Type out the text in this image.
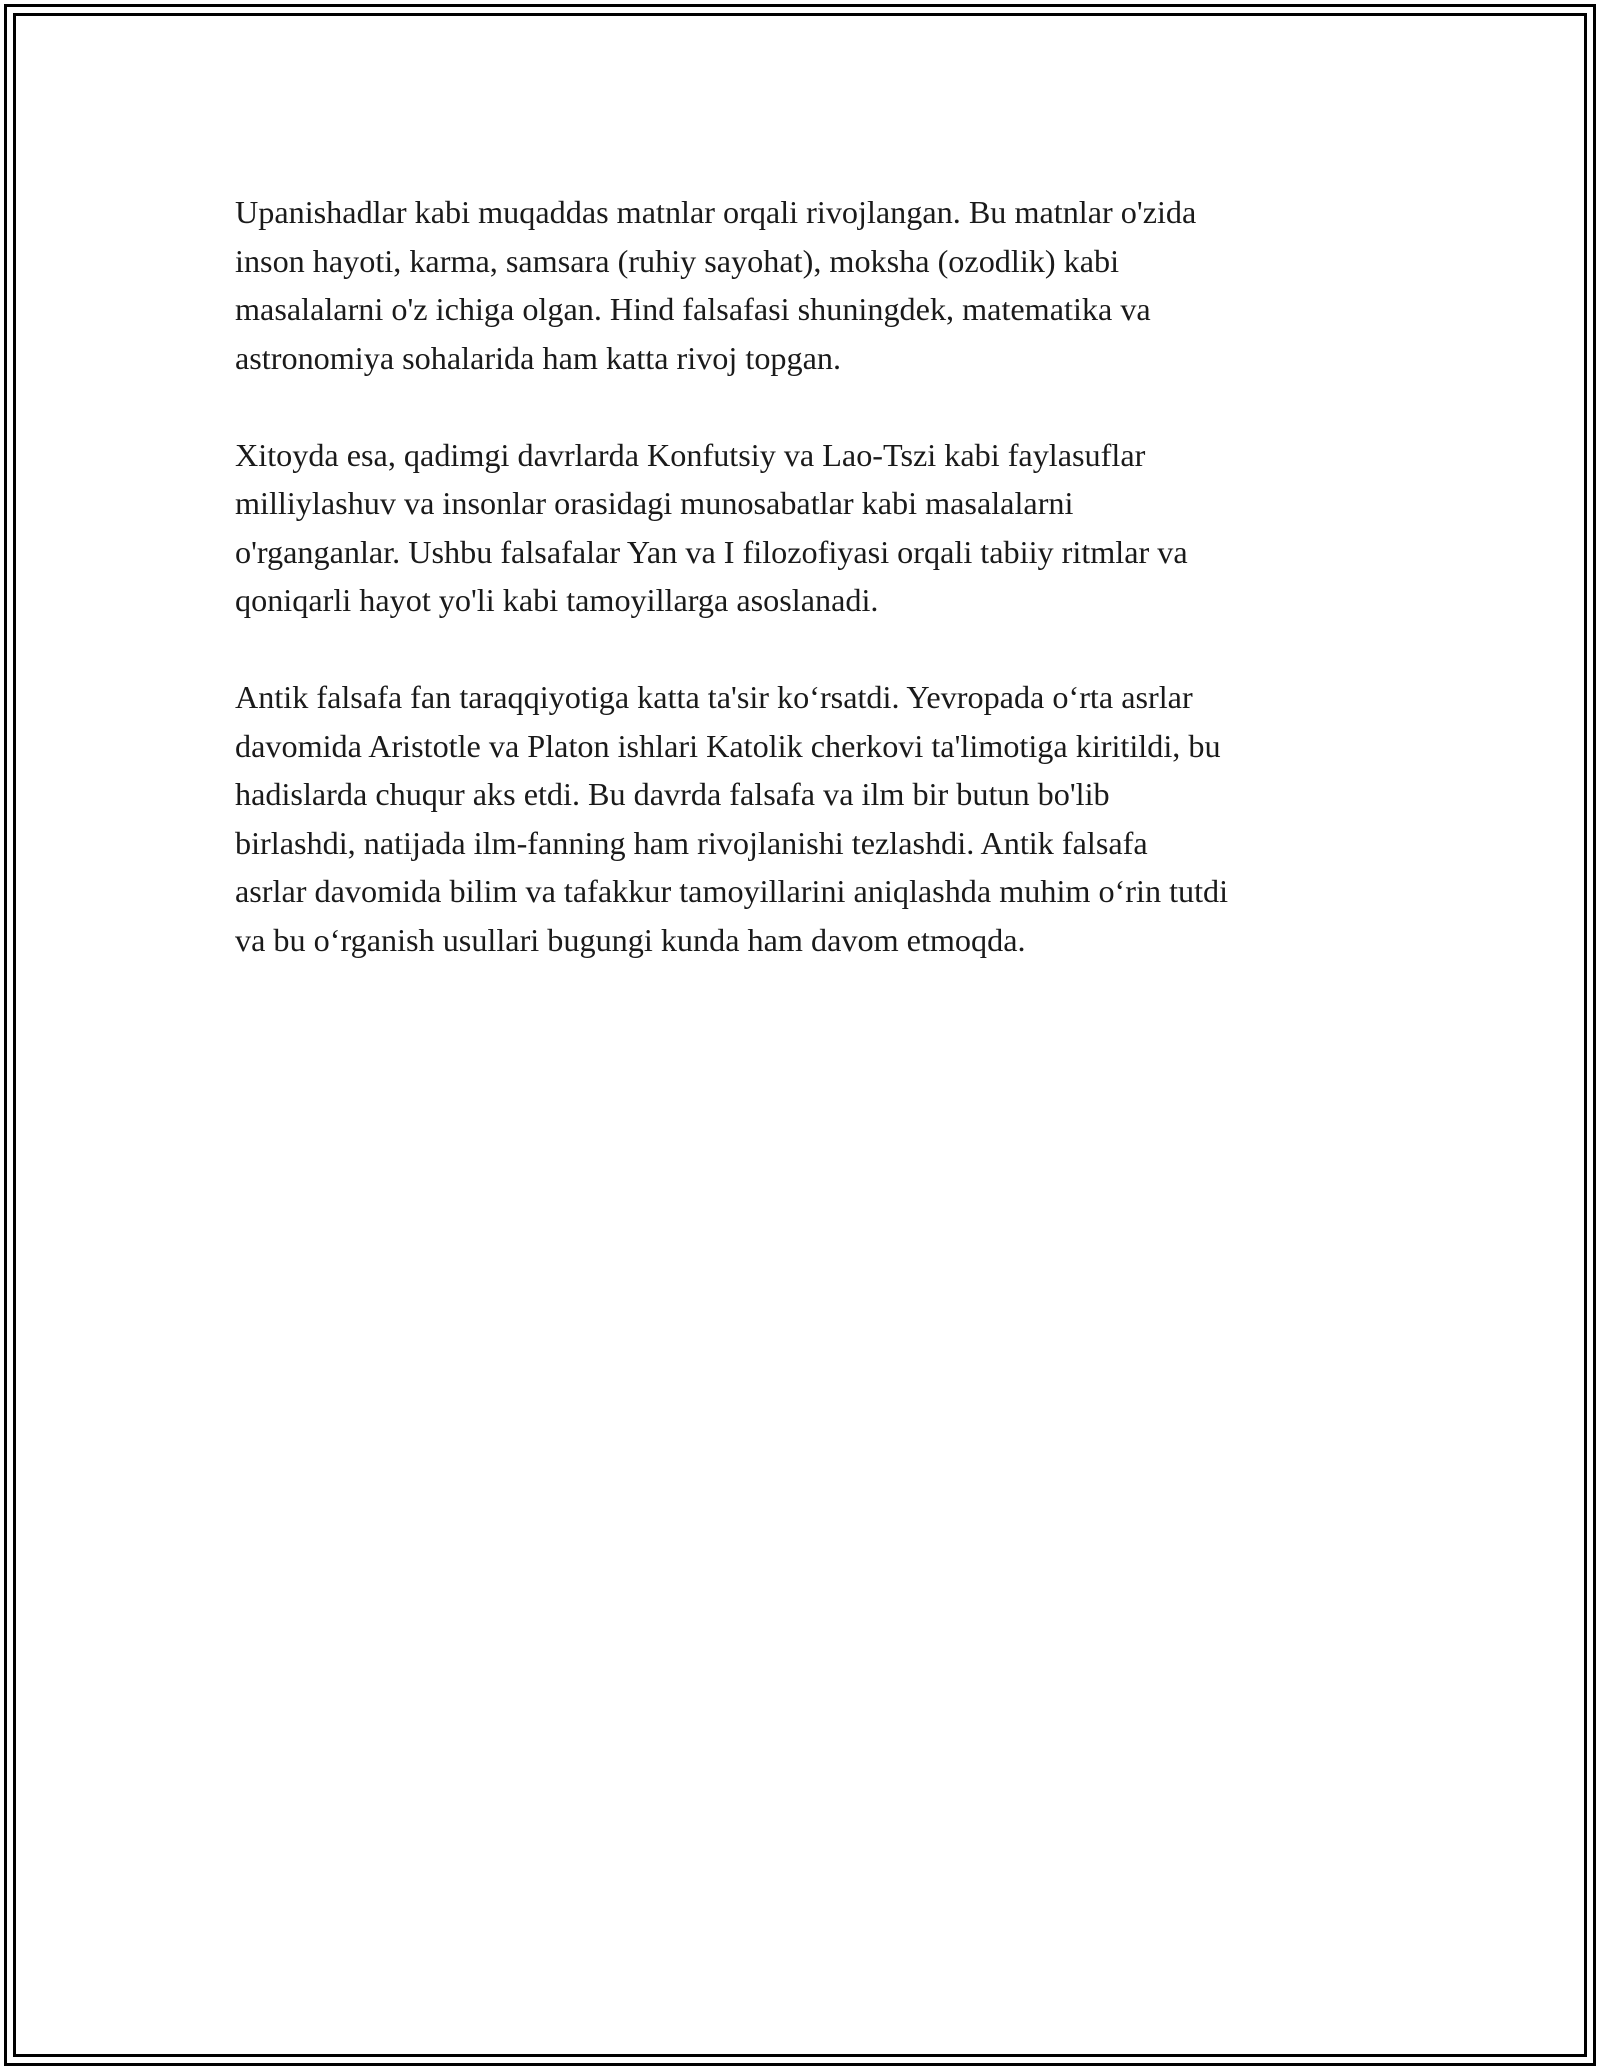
Upanishadlar kabi muqaddas matnlar orqali rivojlangan. Bu matnlar o'zida
inson hayoti, karma, samsara (ruhiy sayohat), moksha (ozodlik) kabi
masalalarni o'z ichiga olgan. Hind falsafasi shuningdek, matematika va
astronomiya sohalarida ham katta rivoj topgan.

Xitoyda esa, qadimgi davrlarda Konfutsiy va Lao-Tszi kabi faylasuflar
milliylashuv va insonlar orasidagi munosabatlar kabi masalalarni
o'rganganlar. Ushbu falsafalar Yan va I filozofiyasi orqali tabiiy ritmlar va
qoniqarli hayot yo'li kabi tamoyillarga asoslanadi.

Antik falsafa fan taraqqiyotiga katta ta'sir ko‘rsatdi. Yevropada o‘rta asrlar
davomida Aristotle va Platon ishlari Katolik cherkovi ta'limotiga kiritildi, bu
hadislarda chuqur aks etdi. Bu davrda falsafa va ilm bir butun bo'lib
birlashdi, natijada ilm-fanning ham rivojlanishi tezlashdi. Antik falsafa
asrlar davomida bilim va tafakkur tamoyillarini aniqlashda muhim o‘rin tutdi
va bu o‘rganish usullari bugungi kunda ham davom etmoqda.
